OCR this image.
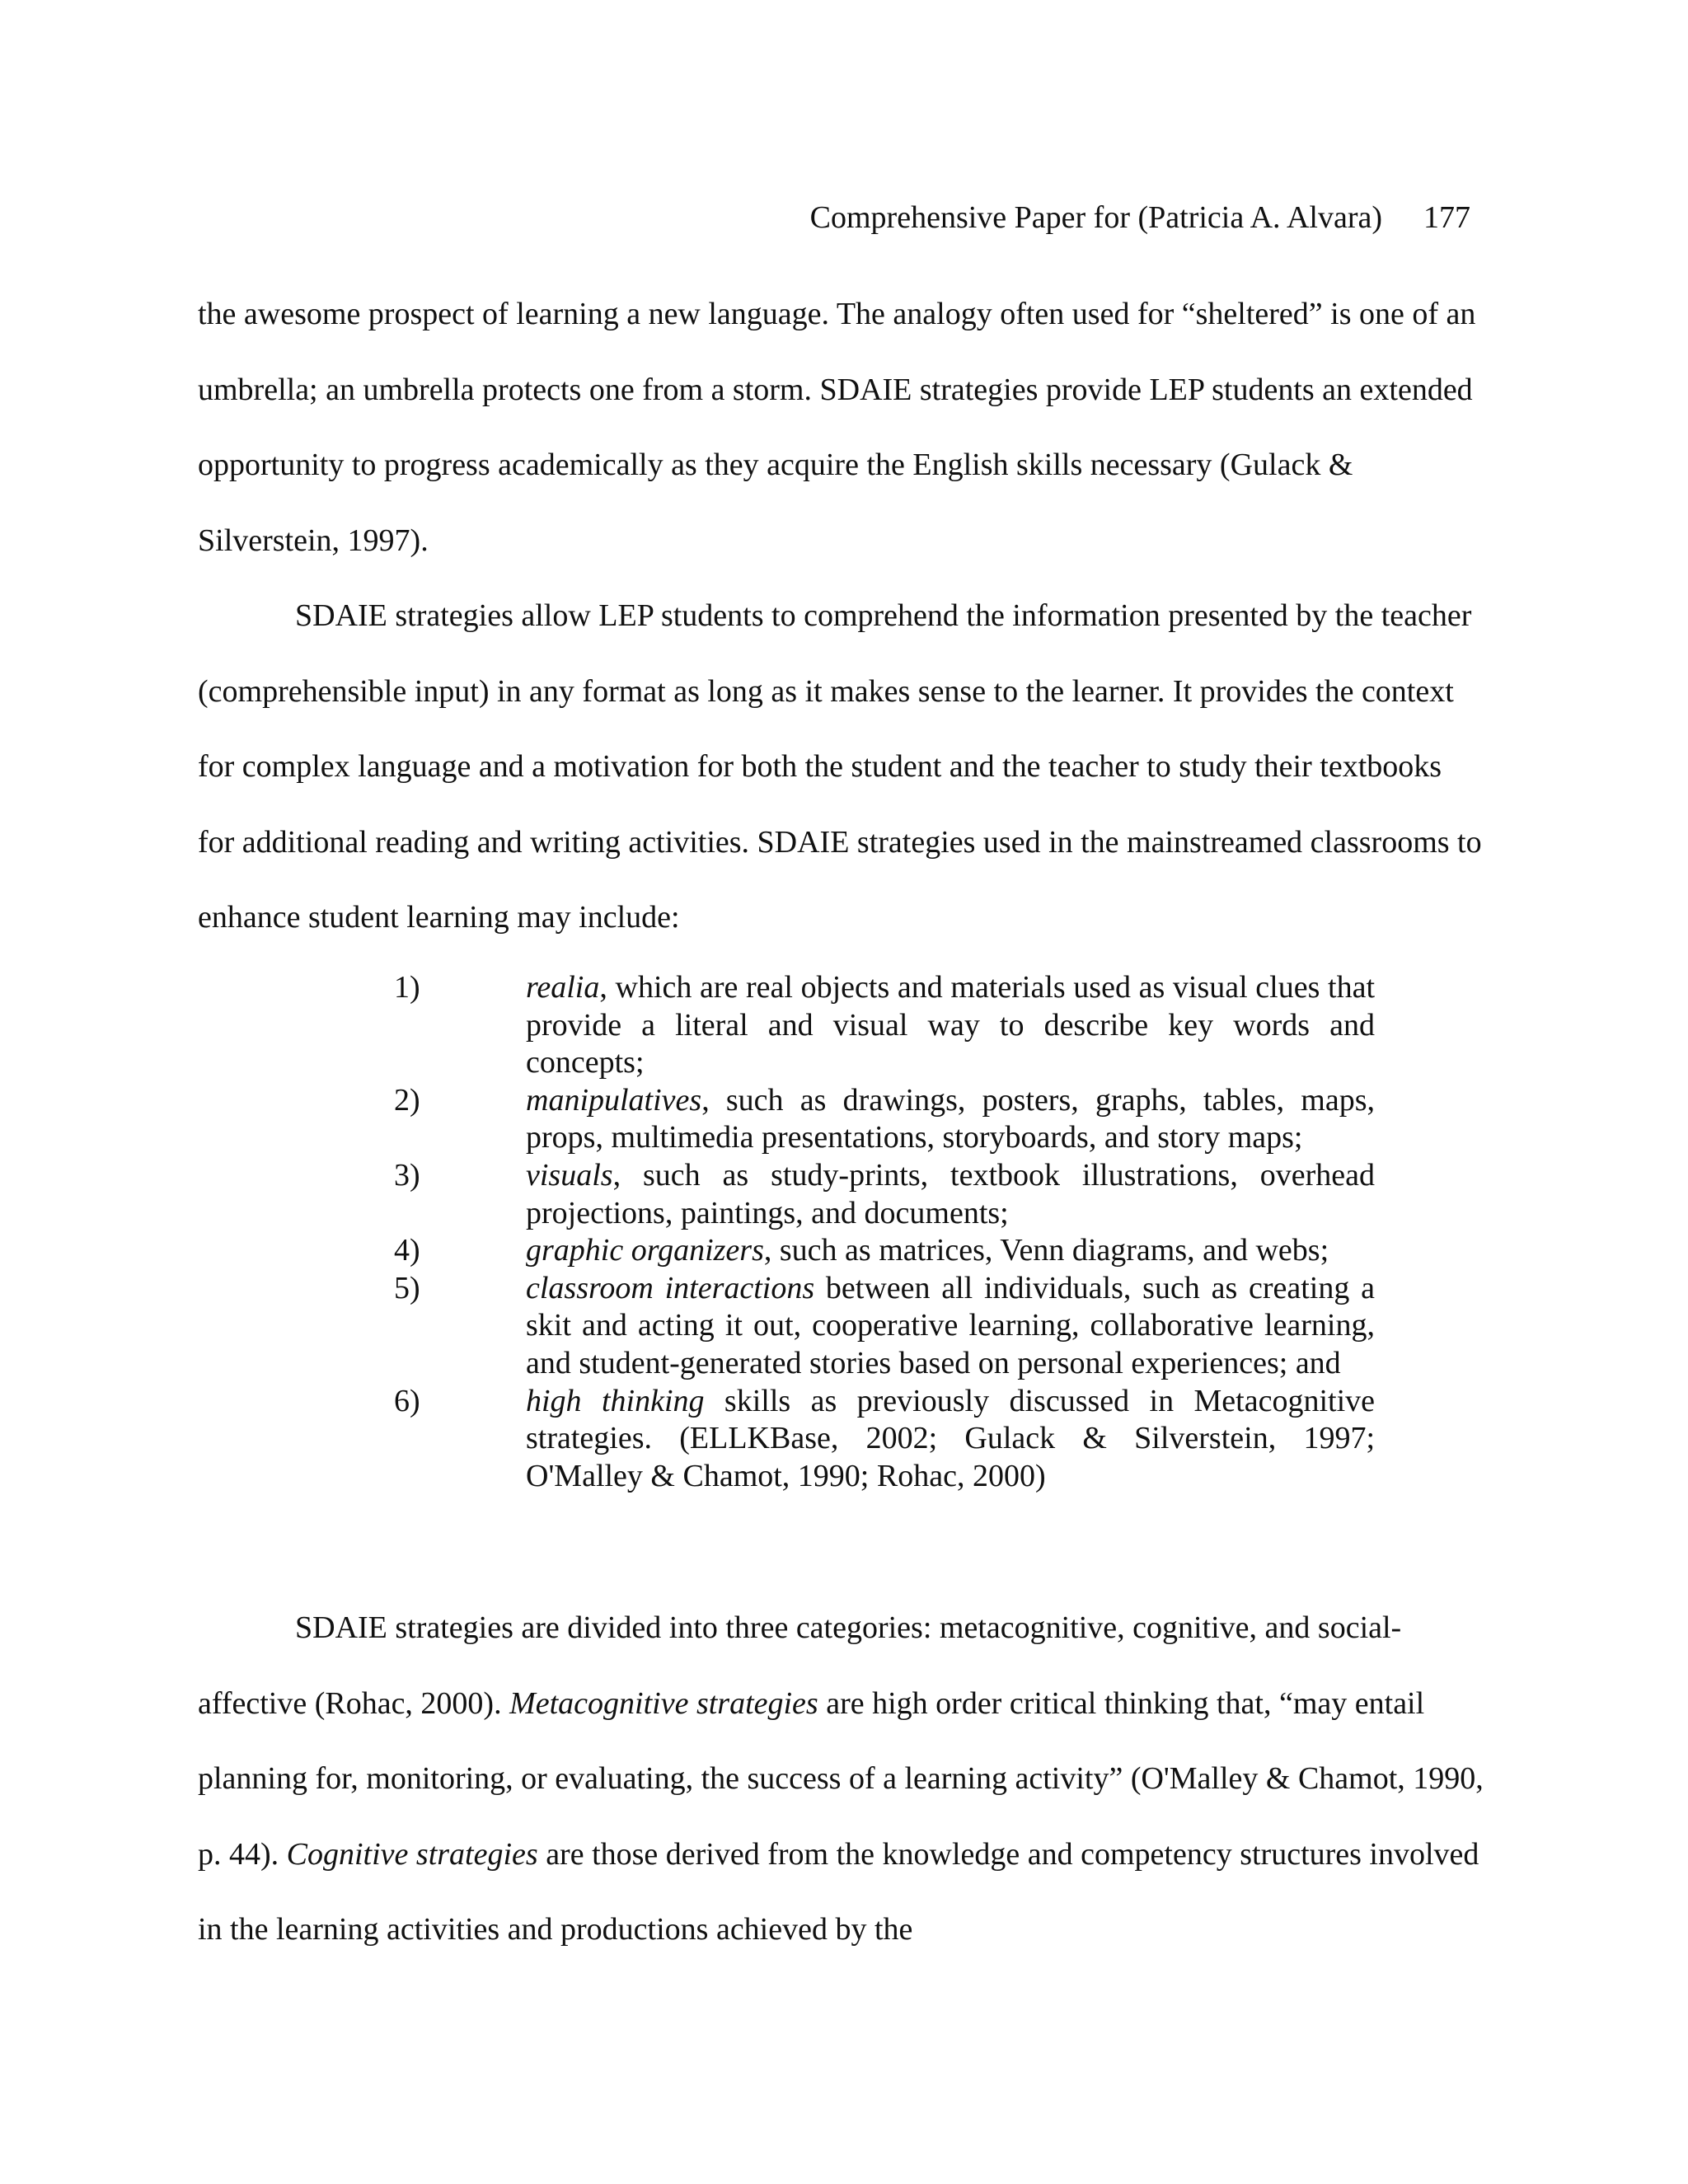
Comprehensive Paper for (Patricia A. Alvara) 177

the awesome prospect of learning a new language. The analogy often used for “sheltered” is one of an umbrella; an umbrella protects one from a storm. SDAIE strategies provide LEP students an extended opportunity to progress academically as they acquire the English skills necessary (Gulack & Silverstein, 1997).

SDAIE strategies allow LEP students to comprehend the information presented by the teacher (comprehensible input) in any format as long as it makes sense to the learner. It provides the context for complex language and a motivation for both the student and the teacher to study their textbooks for additional reading and writing activities. SDAIE strategies used in the mainstreamed classrooms to enhance student learning may include:

1)	realia, which are real objects and materials used as visual clues that provide a literal and visual way to describe key words and concepts;
2)	manipulatives, such as drawings, posters, graphs, tables, maps, props, multimedia presentations, storyboards, and story maps;
3)	visuals, such as study-prints, textbook illustrations, overhead projections, paintings, and documents;
4)	graphic organizers, such as matrices, Venn diagrams, and webs;
5)	classroom interactions between all individuals, such as creating a skit and acting it out, cooperative learning, collaborative learning, and student-generated stories based on personal experiences; and
6)	high thinking skills as previously discussed in Metacognitive strategies. (ELLKBase, 2002; Gulack & Silverstein, 1997; O'Malley & Chamot, 1990; Rohac, 2000)

SDAIE strategies are divided into three categories: metacognitive, cognitive, and social-affective (Rohac, 2000). Metacognitive strategies are high order critical thinking that, “may entail planning for, monitoring, or evaluating, the success of a learning activity” (O'Malley & Chamot, 1990, p. 44). Cognitive strategies are those derived from the knowledge and competency structures involved in the learning activities and productions achieved by the
